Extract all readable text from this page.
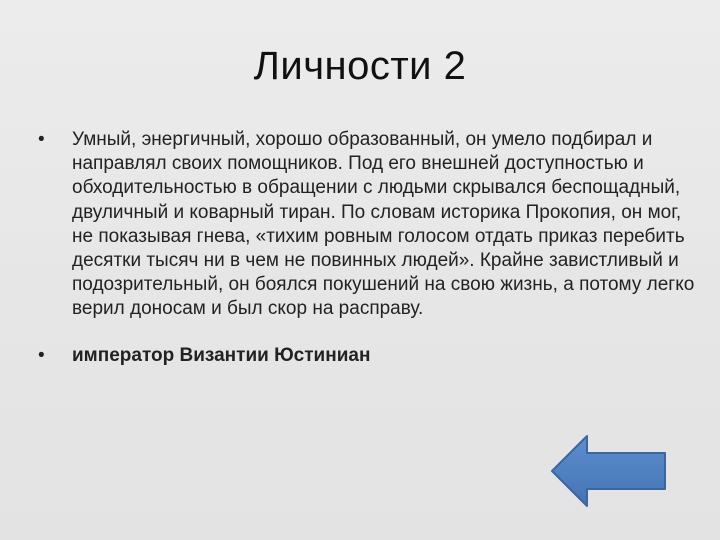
Личности 2
• Умный, энергичный, хорошо образованный, он умело подбирал и направлял своих помощников. Под его внешней доступностью и обходительностью в обращении с людьми скрывался беспощадный, двуличный и коварный тиран. По словам историка Прокопия, он мог, не показывая гнева, «тихим ровным голосом отдать приказ перебить десятки тысяч ни в чем не повинных людей». Крайне завистливый и подозрительный, он боялся покушений на свою жизнь, а потому легко верил доносам и был скор на расправу.
• император Византии Юстиниан
